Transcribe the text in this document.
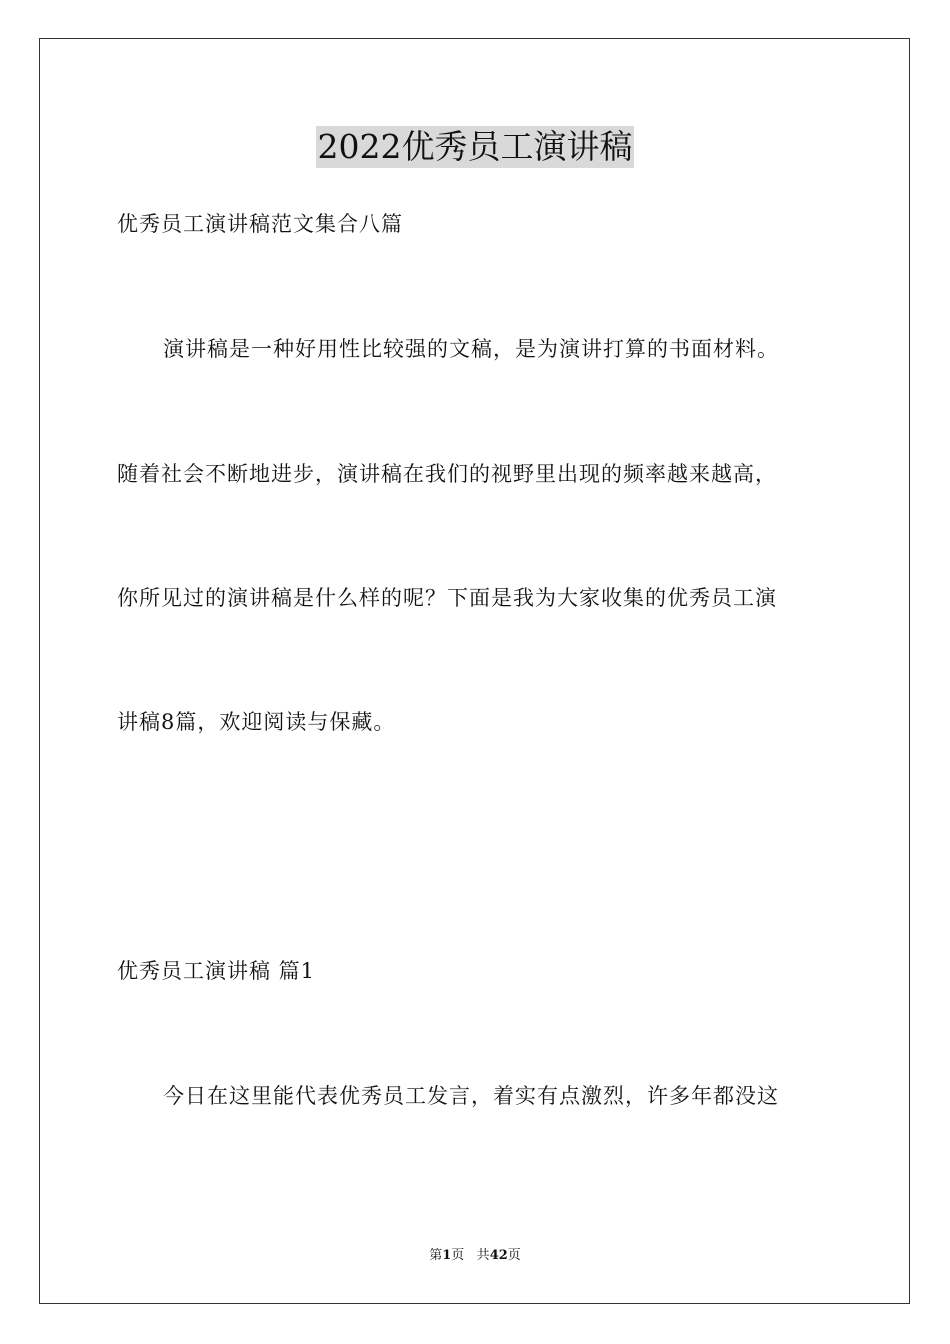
2022优秀员工演讲稿
优秀员工演讲稿范文集合八篇
演讲稿是一种好用性比较强的文稿，是为演讲打算的书面材料。
随着社会不断地进步，演讲稿在我们的视野里出现的频率越来越高，
你所见过的演讲稿是什么样的呢？下面是我为大家收集的优秀员工演
讲稿8篇，欢迎阅读与保藏。
优秀员工演讲稿 篇1
今日在这里能代表优秀员工发言，着实有点激烈，许多年都没这
第1页 共42页
